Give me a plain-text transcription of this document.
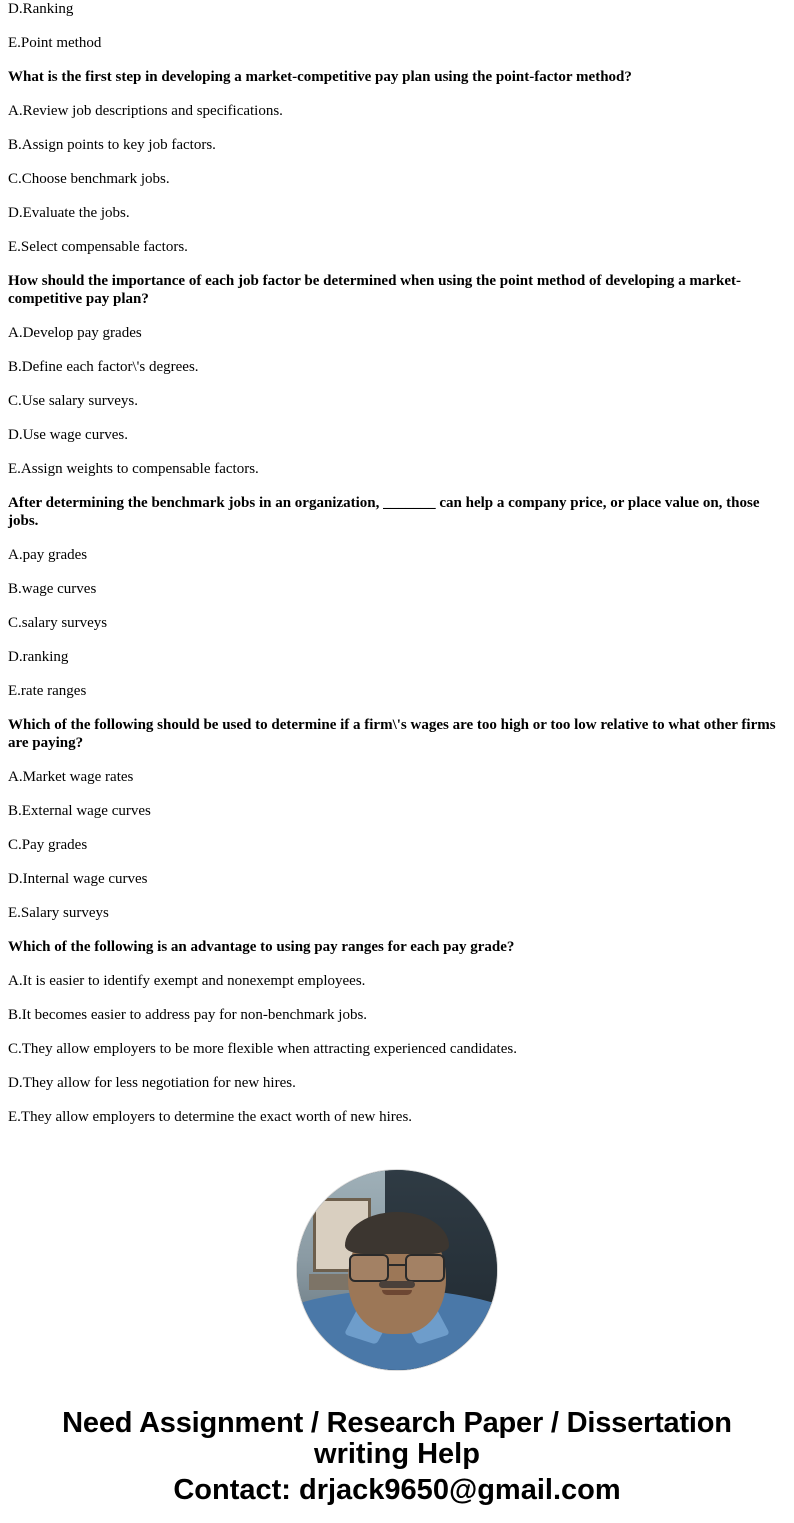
D.Ranking

E.Point method

What is the first step in developing a market-competitive pay plan using the point-factor method?

A.Review job descriptions and specifications.

B.Assign points to key job factors.

C.Choose benchmark jobs.

D.Evaluate the jobs.

E.Select compensable factors.

How should the importance of each job factor be determined when using the point method of developing a market-competitive pay plan?

A.Develop pay grades

B.Define each factor\'s degrees.

C.Use salary surveys.

D.Use wage curves.

E.Assign weights to compensable factors.

After determining the benchmark jobs in an organization, _______ can help a company price, or place value on, those jobs.

A.pay grades

B.wage curves

C.salary surveys

D.ranking

E.rate ranges

Which of the following should be used to determine if a firm\'s wages are too high or too low relative to what other firms are paying?

A.Market wage rates

B.External wage curves

C.Pay grades

D.Internal wage curves

E.Salary surveys

Which of the following is an advantage to using pay ranges for each pay grade?

A.It is easier to identify exempt and nonexempt employees.

B.It becomes easier to address pay for non-benchmark jobs.

C.They allow employers to be more flexible when attracting experienced candidates.

D.They allow for less negotiation for new hires.

E.They allow employers to determine the exact worth of new hires.

Need Assignment / Research Paper / Dissertation
writing Help
Contact: drjack9650@gmail.com
